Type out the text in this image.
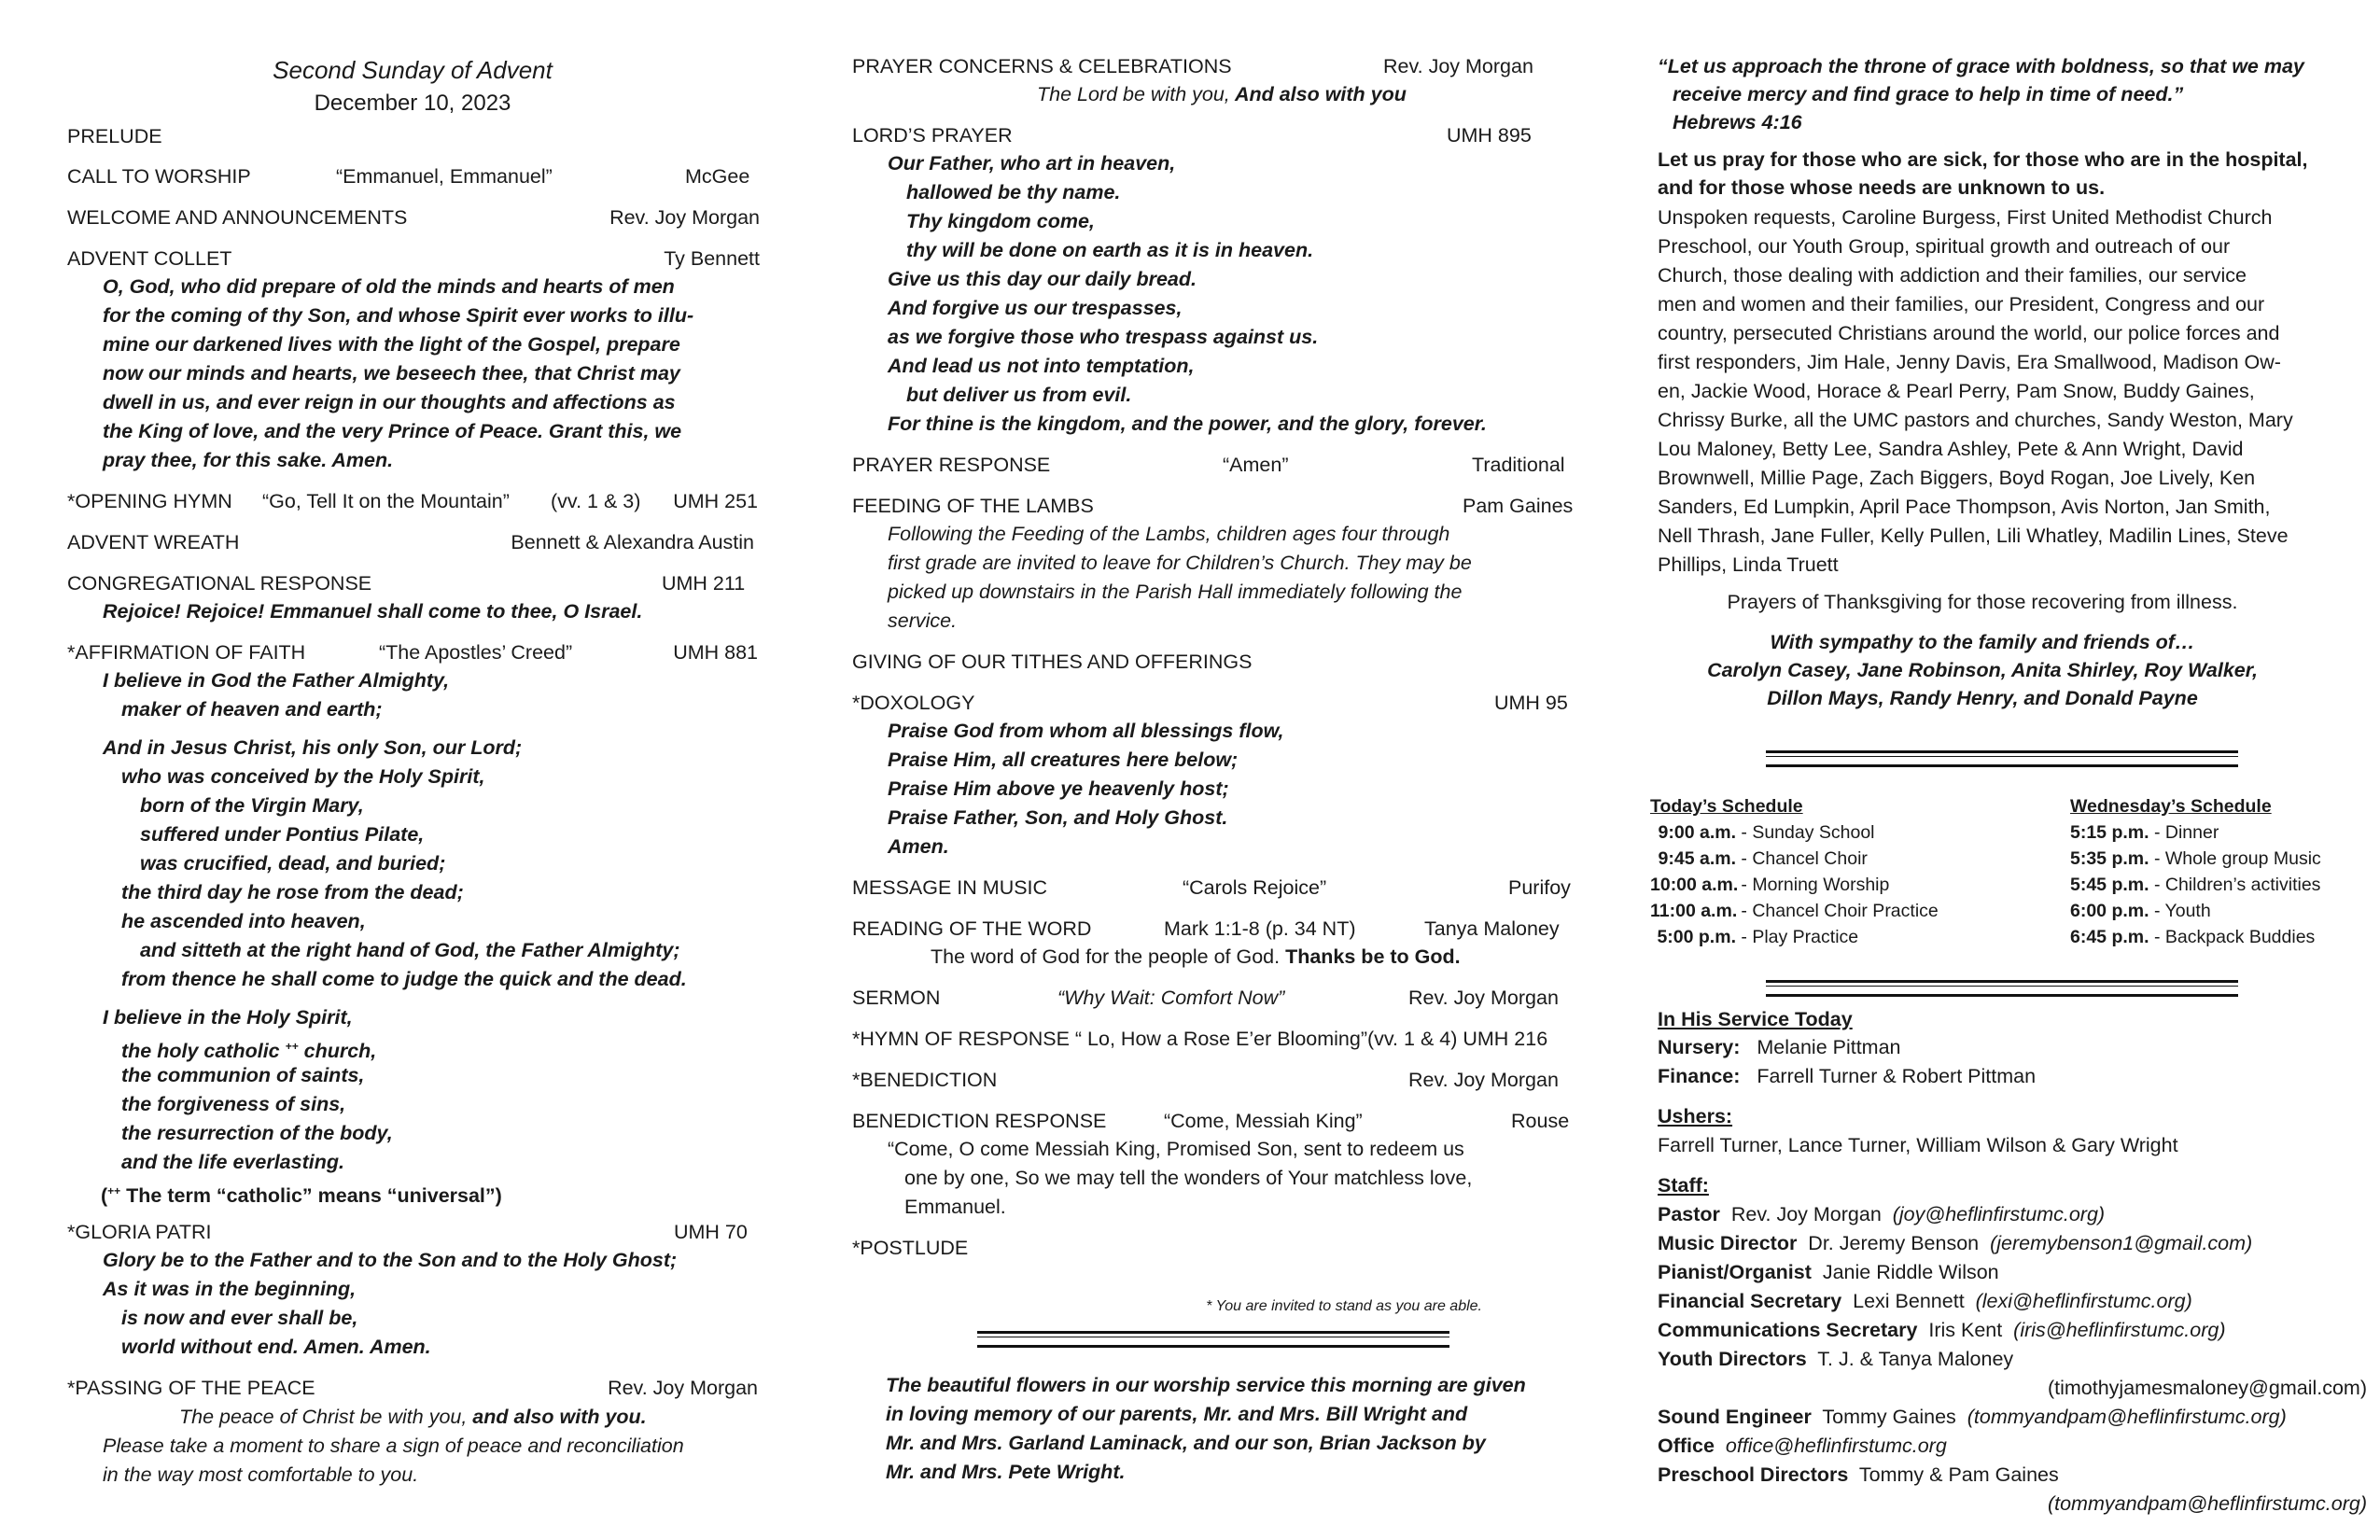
Second Sunday of Advent
December 10, 2023
PRELUDE
CALL TO WORSHIP	“Emmanuel, Emmanuel”	McGee
WELCOME AND ANNOUNCEMENTS	Rev. Joy Morgan
ADVENT COLLET	Ty Bennett
O, God, who did prepare of old the minds and hearts of men
for the coming of thy Son, and whose Spirit ever works to illu-
mine our darkened lives with the light of the Gospel, prepare
now our minds and hearts, we beseech thee, that Christ may
dwell in us, and ever reign in our thoughts and affections as
the King of love, and the very Prince of Peace. Grant this, we
pray thee, for this sake. Amen.
*OPENING HYMN “Go, Tell It on the Mountain” (vv. 1 & 3) UMH 251
ADVENT WREATH	Bennett & Alexandra Austin
CONGREGATIONAL RESPONSE	UMH 211
Rejoice! Rejoice! Emmanuel shall come to thee, O Israel.
*AFFIRMATION OF FAITH	“The Apostles’ Creed”	UMH 881
I believe in God the Father Almighty,
maker of heaven and earth;
And in Jesus Christ, his only Son, our Lord;
who was conceived by the Holy Spirit,
born of the Virgin Mary,
suffered under Pontius Pilate,
was crucified, dead, and buried;
the third day he rose from the dead;
he ascended into heaven,
and sitteth at the right hand of God, the Father Almighty;
from thence he shall come to judge the quick and the dead.
I believe in the Holy Spirit,
the holy catholic ++ church,
the communion of saints,
the forgiveness of sins,
the resurrection of the body,
and the life everlasting.
(++ The term “catholic” means “universal”)
*GLORIA PATRI	UMH 70
Glory be to the Father and to the Son and to the Holy Ghost;
As it was in the beginning,
is now and ever shall be,
world without end. Amen. Amen.
*PASSING OF THE PEACE	Rev. Joy Morgan
The peace of Christ be with you, and also with you.
Please take a moment to share a sign of peace and reconciliation
in the way most comfortable to you.
PRAYER CONCERNS & CELEBRATIONS	Rev. Joy Morgan
The Lord be with you, And also with you
LORD’S PRAYER	UMH 895
Our Father, who art in heaven,
hallowed be thy name.
Thy kingdom come,
thy will be done on earth as it is in heaven.
Give us this day our daily bread.
And forgive us our trespasses,
as we forgive those who trespass against us.
And lead us not into temptation,
but deliver us from evil.
For thine is the kingdom, and the power, and the glory, forever.
PRAYER RESPONSE	“Amen”	Traditional
FEEDING OF THE LAMBS	Pam Gaines
Following the Feeding of the Lambs, children ages four through
first grade are invited to leave for Children’s Church. They may be
picked up downstairs in the Parish Hall immediately following the
service.
GIVING OF OUR TITHES AND OFFERINGS
*DOXOLOGY	UMH 95
Praise God from whom all blessings flow,
Praise Him, all creatures here below;
Praise Him above ye heavenly host;
Praise Father, Son, and Holy Ghost.
Amen.
MESSAGE IN MUSIC	“Carols Rejoice”	Purifoy
READING OF THE WORD	Mark 1:1-8 (p. 34 NT)	Tanya Maloney
The word of God for the people of God. Thanks be to God.
SERMON	“Why Wait: Comfort Now”	Rev. Joy Morgan
*HYMN OF RESPONSE “ Lo, How a Rose E’er Blooming”(vv. 1 & 4) UMH 216
*BENEDICTION	Rev. Joy Morgan
BENEDICTION RESPONSE	“Come, Messiah King”	Rouse
“Come, O come Messiah King, Promised Son, sent to redeem us
one by one, So we may tell the wonders of Your matchless love,
Emmanuel.
*POSTLUDE
* You are invited to stand as you are able.
The beautiful flowers in our worship service this morning are given
in loving memory of our parents, Mr. and Mrs. Bill Wright and
Mr. and Mrs. Garland Laminack, and our son, Brian Jackson by
Mr. and Mrs. Pete Wright.
“Let us approach the throne of grace with boldness, so that we may
receive mercy and find grace to help in time of need.”
Hebrews 4:16
Let us pray for those who are sick, for those who are in the hospital,
and for those whose needs are unknown to us.
Unspoken requests, Caroline Burgess, First United Methodist Church
Preschool, our Youth Group, spiritual growth and outreach of our
Church, those dealing with addiction and their families, our service
men and women and their families, our President, Congress and our
country, persecuted Christians around the world, our police forces and
first responders, Jim Hale, Jenny Davis, Era Smallwood, Madison Ow-
en, Jackie Wood, Horace & Pearl Perry, Pam Snow, Buddy Gaines,
Chrissy Burke, all the UMC pastors and churches, Sandy Weston, Mary
Lou Maloney, Betty Lee, Sandra Ashley, Pete & Ann Wright, David
Brownwell, Millie Page, Zach Biggers, Boyd Rogan, Joe Lively, Ken
Sanders, Ed Lumpkin, April Pace Thompson, Avis Norton, Jan Smith,
Nell Thrash, Jane Fuller, Kelly Pullen, Lili Whatley, Madilin Lines, Steve
Phillips, Linda Truett
Prayers of Thanksgiving for those recovering from illness.
With sympathy to the family and friends of…
Carolyn Casey, Jane Robinson, Anita Shirley, Roy Walker,
Dillon Mays, Randy Henry, and Donald Payne
Today’s Schedule
9:00 a.m. - Sunday School
9:45 a.m. - Chancel Choir
10:00 a.m. - Morning Worship
11:00 a.m. - Chancel Choir Practice
5:00 p.m. - Play Practice
Wednesday’s Schedule
5:15 p.m. - Dinner
5:35 p.m. - Whole group Music
5:45 p.m. - Children’s activities
6:00 p.m. - Youth
6:45 p.m. - Backpack Buddies
In His Service Today
Nursery:   Melanie Pittman
Finance:   Farrell Turner & Robert Pittman
Ushers:
Farrell Turner, Lance Turner, William Wilson & Gary Wright
Staff:
Pastor  Rev. Joy Morgan  (joy@heflinfirstumc.org)
Music Director  Dr. Jeremy Benson  (jeremybenson1@gmail.com)
Pianist/Organist  Janie Riddle Wilson
Financial Secretary  Lexi Bennett  (lexi@heflinfirstumc.org)
Communications Secretary  Iris Kent  (iris@heflinfirstumc.org)
Youth Directors  T. J. & Tanya Maloney
(timothyjamesmaloney@gmail.com)
Sound Engineer  Tommy Gaines  (tommyandpam@heflinfirstumc.org)
Office office@heflinfirstumc.org
Preschool Directors  Tommy & Pam Gaines
(tommyandpam@heflinfirstumc.org)
